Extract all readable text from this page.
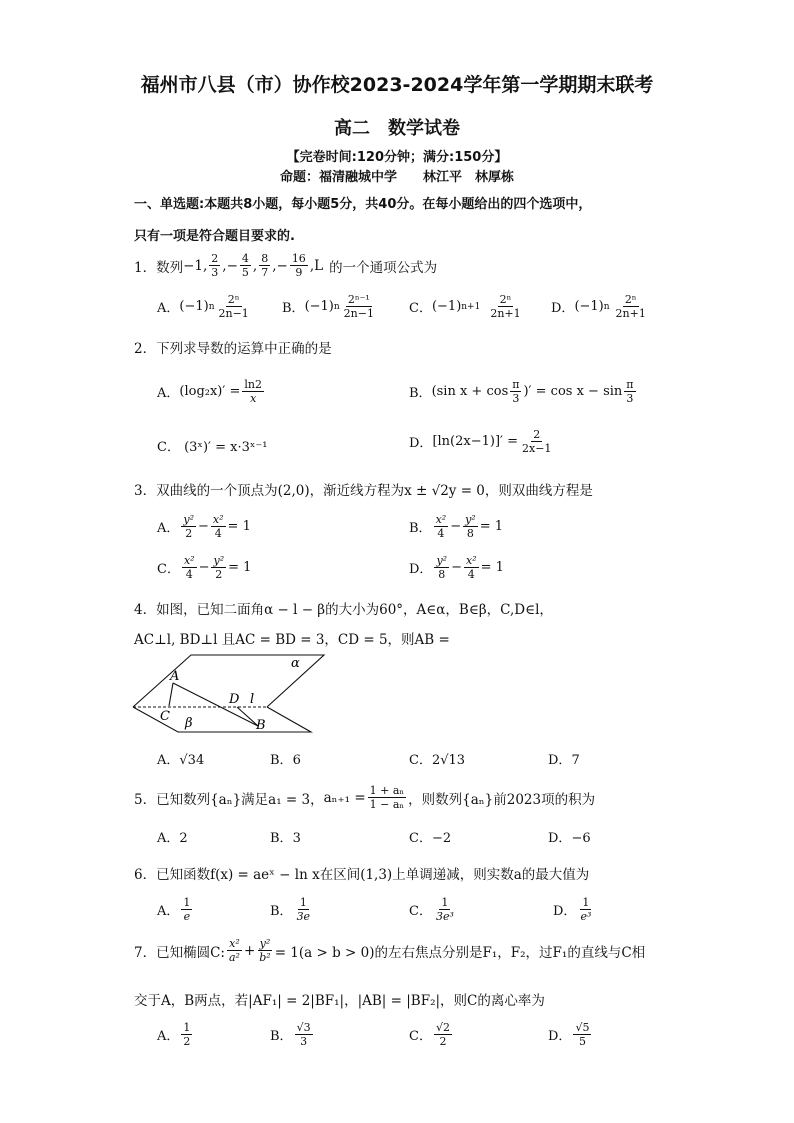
福州市八县（市）协作校2023-2024学年第一学期期末联考
高二　数学试卷
【完卷时间:120分钟；满分:150分】
命题：福清融城中学　　林江平　林厚栋
一、单选题:本题共8小题，每小题5分，共40分。在每小题给出的四个选项中，
只有一项是符合题目要求的.
1．数列 −1, $\frac{2}{3}$ ,− $\frac{4}{5}$ , $\frac{8}{7}$ ,− $\frac{16}{9} ,L$ 的一个通项公式为
A． (−1) n $\frac{\text{2ⁿ}}{2n-1}$ B． (−1) n $\frac{\text{2ⁿ⁻¹}}{2n-1}$	C． (−1) $n+1 \frac{\text{2ⁿ}}{2n+1}$ D． (−1) n $\frac{\text{2ⁿ}}{2n+1}$
2．下列求导数的运算中正确的是
A． $(\log_2x)' = \frac{\ln 2}{x}$	B． (sin $x + \cos \frac{\pi}{3}$ )′ = $\cos x - \sin \frac{\pi}{3}$
C． (3ˣ)′ = x·3ˣ⁻¹	D． $[\ln(2x-1)]' = \frac{2}{2x-1}$
3．双曲线的一个顶点为(2,0)，渐近线方程为x ± √2y = 0，则双曲线方程是
A． $\frac{\text{y²}}{2} - \frac{\text{x²}}{4} = 1$	B． $\frac{\text{x²}}{4} - \frac{\text{y²}}{8} = 1$
C． $\frac{\text{x²}}{4} - \frac{\text{y²}}{2} = 1$	D． $\frac{\text{y²}}{8} - \frac{\text{x²}}{4} = 1$
4．如图，已知二面角α − l − β的大小为60°，A∈α，B∈β，C,D∈l，
AC⊥l, BD⊥l 且AC = BD = 3，CD = 5，则AB =
α
A
D l
C β	B
A．√34	B．6	C．2√13	D．7
5．已知数列{aₙ}满足a₁ = 3， $a_{n+1} = \frac{\text{1 + aₙ}}{\text{1 − aₙ}}$ ，则数列{aₙ}前2023项的积为
A．2	B．3	C．−2	D．−6
6．已知函数f(x) = aeˣ − ln x在区间(1,3)上单调递减，则实数a的最大值为
A． $\frac{1}{e}$	B． $\frac{1}{3e}$	C． $\frac{1}{\text{3e³}}$	D． $\frac{1}{\text{e³}}$
7．已知椭圆C: $\frac{\text{x²}}{\text{a²}} + \frac{\text{y²}}{\text{b²}} = 1(a > b > 0)$的左右焦点分别是F₁，F₂，过F₁的直线与C相
交于A，B两点，若|AF₁| = 2|BF₁|，|AB| = |BF₂|，则C的离心率为
A． $\frac{1}{2}$	B． $\frac{√3}{3}$	C． $\frac{√2}{2}$	D． $\frac{√5}{5}$
